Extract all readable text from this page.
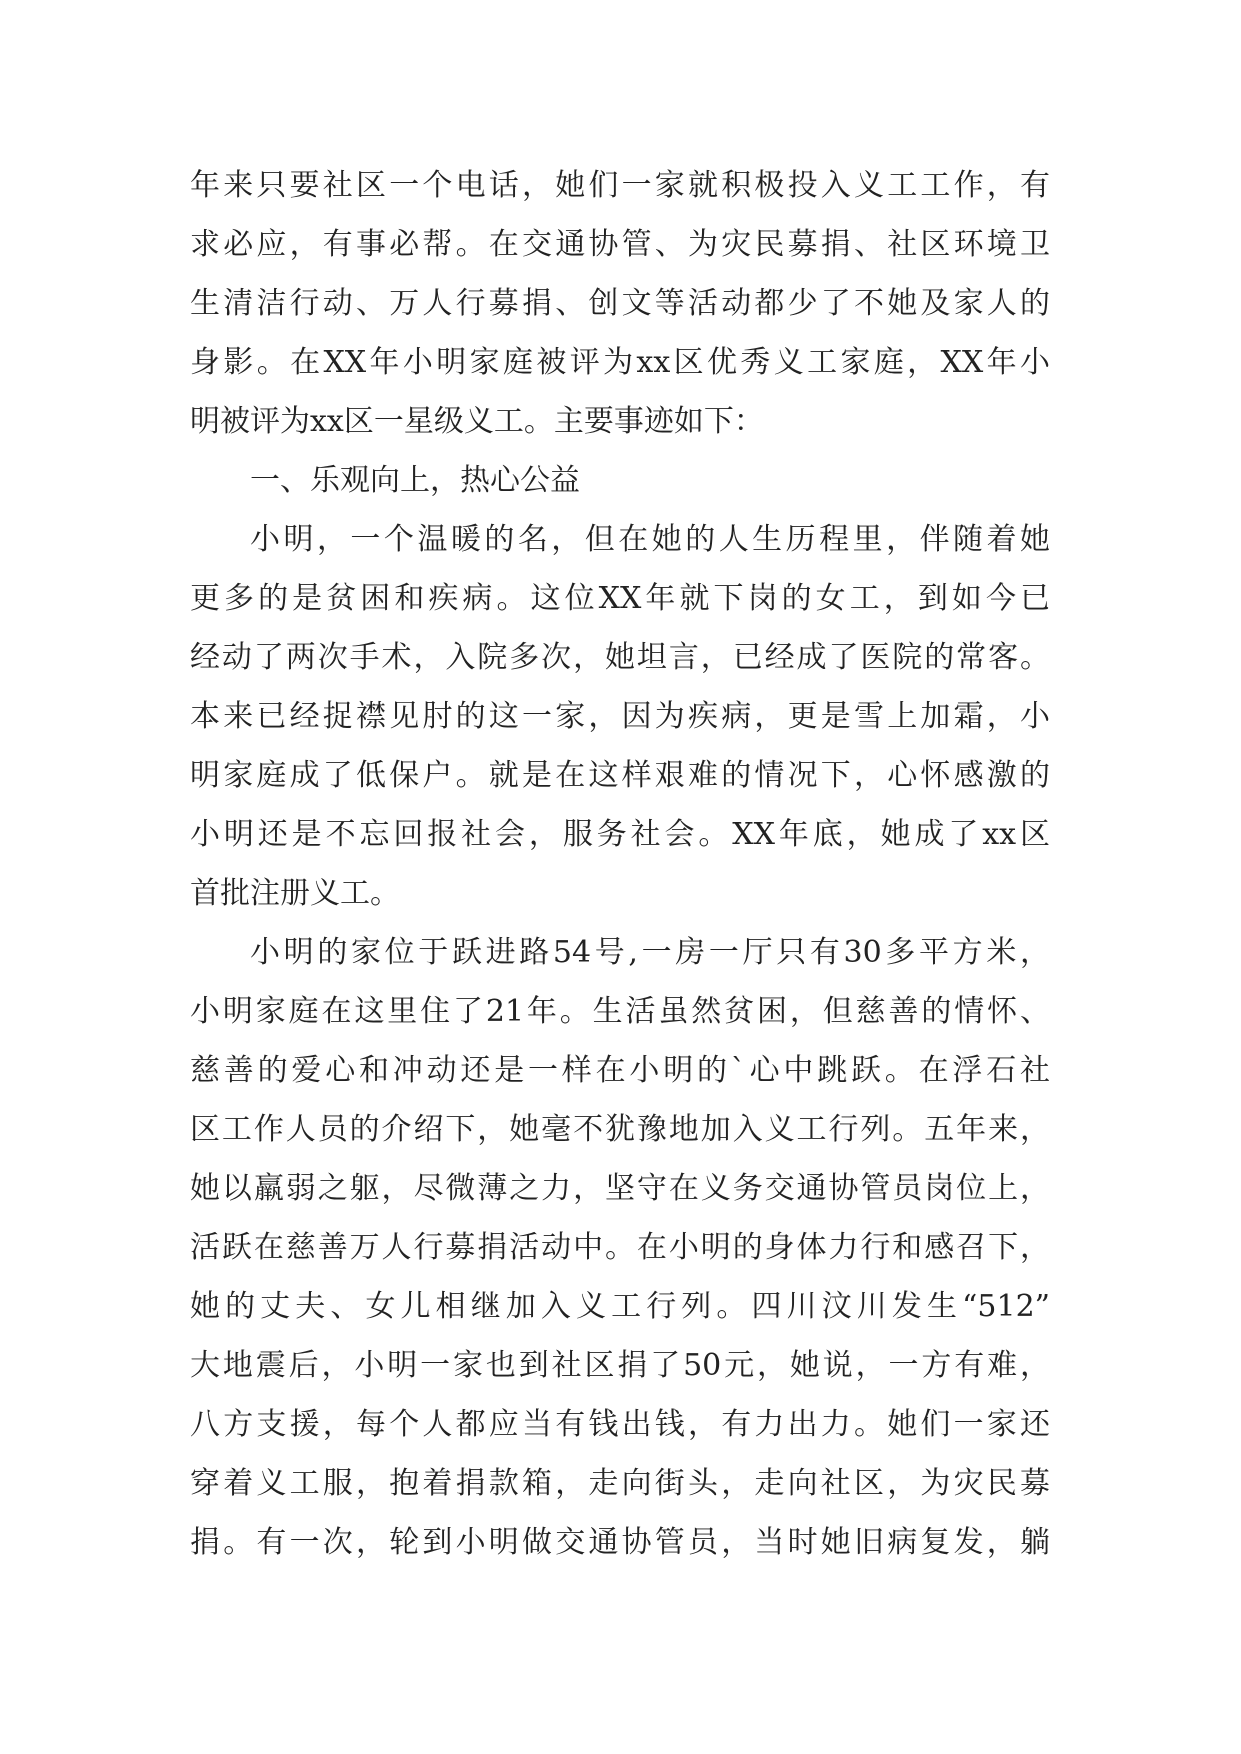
年来只要社区一个电话，她们一家就积极投入义工工作，有
求必应，有事必帮。在交通协管、为灾民募捐、社区环境卫
生清洁行动、万人行募捐、创文等活动都少了不她及家人的
身影。在XX年小明家庭被评为xx区优秀义工家庭，XX年小
明被评为xx区一星级义工。主要事迹如下：
一、乐观向上，热心公益
小明，一个温暖的名，但在她的人生历程里，伴随着她
更多的是贫困和疾病。这位XX年就下岗的女工，到如今已
经动了两次手术，入院多次，她坦言，已经成了医院的常客。
本来已经捉襟见肘的这一家，因为疾病，更是雪上加霜，小
明家庭成了低保户。就是在这样艰难的情况下，心怀感激的
小明还是不忘回报社会，服务社会。XX年底，她成了xx区
首批注册义工。
小明的家位于跃进路54号,一房一厅只有30多平方米，
小明家庭在这里住了21年。生活虽然贫困，但慈善的情怀、
慈善的爱心和冲动还是一样在小明的`心中跳跃。在浮石社
区工作人员的介绍下，她毫不犹豫地加入义工行列。五年来，
她以羸弱之躯，尽微薄之力，坚守在义务交通协管员岗位上，
活跃在慈善万人行募捐活动中。在小明的身体力行和感召下，
她的丈夫、女儿相继加入义工行列。四川汶川发生“512”
大地震后，小明一家也到社区捐了50元，她说，一方有难，
八方支援，每个人都应当有钱出钱，有力出力。她们一家还
穿着义工服，抱着捐款箱，走向街头，走向社区，为灾民募
捐。有一次，轮到小明做交通协管员，当时她旧病复发，躺
